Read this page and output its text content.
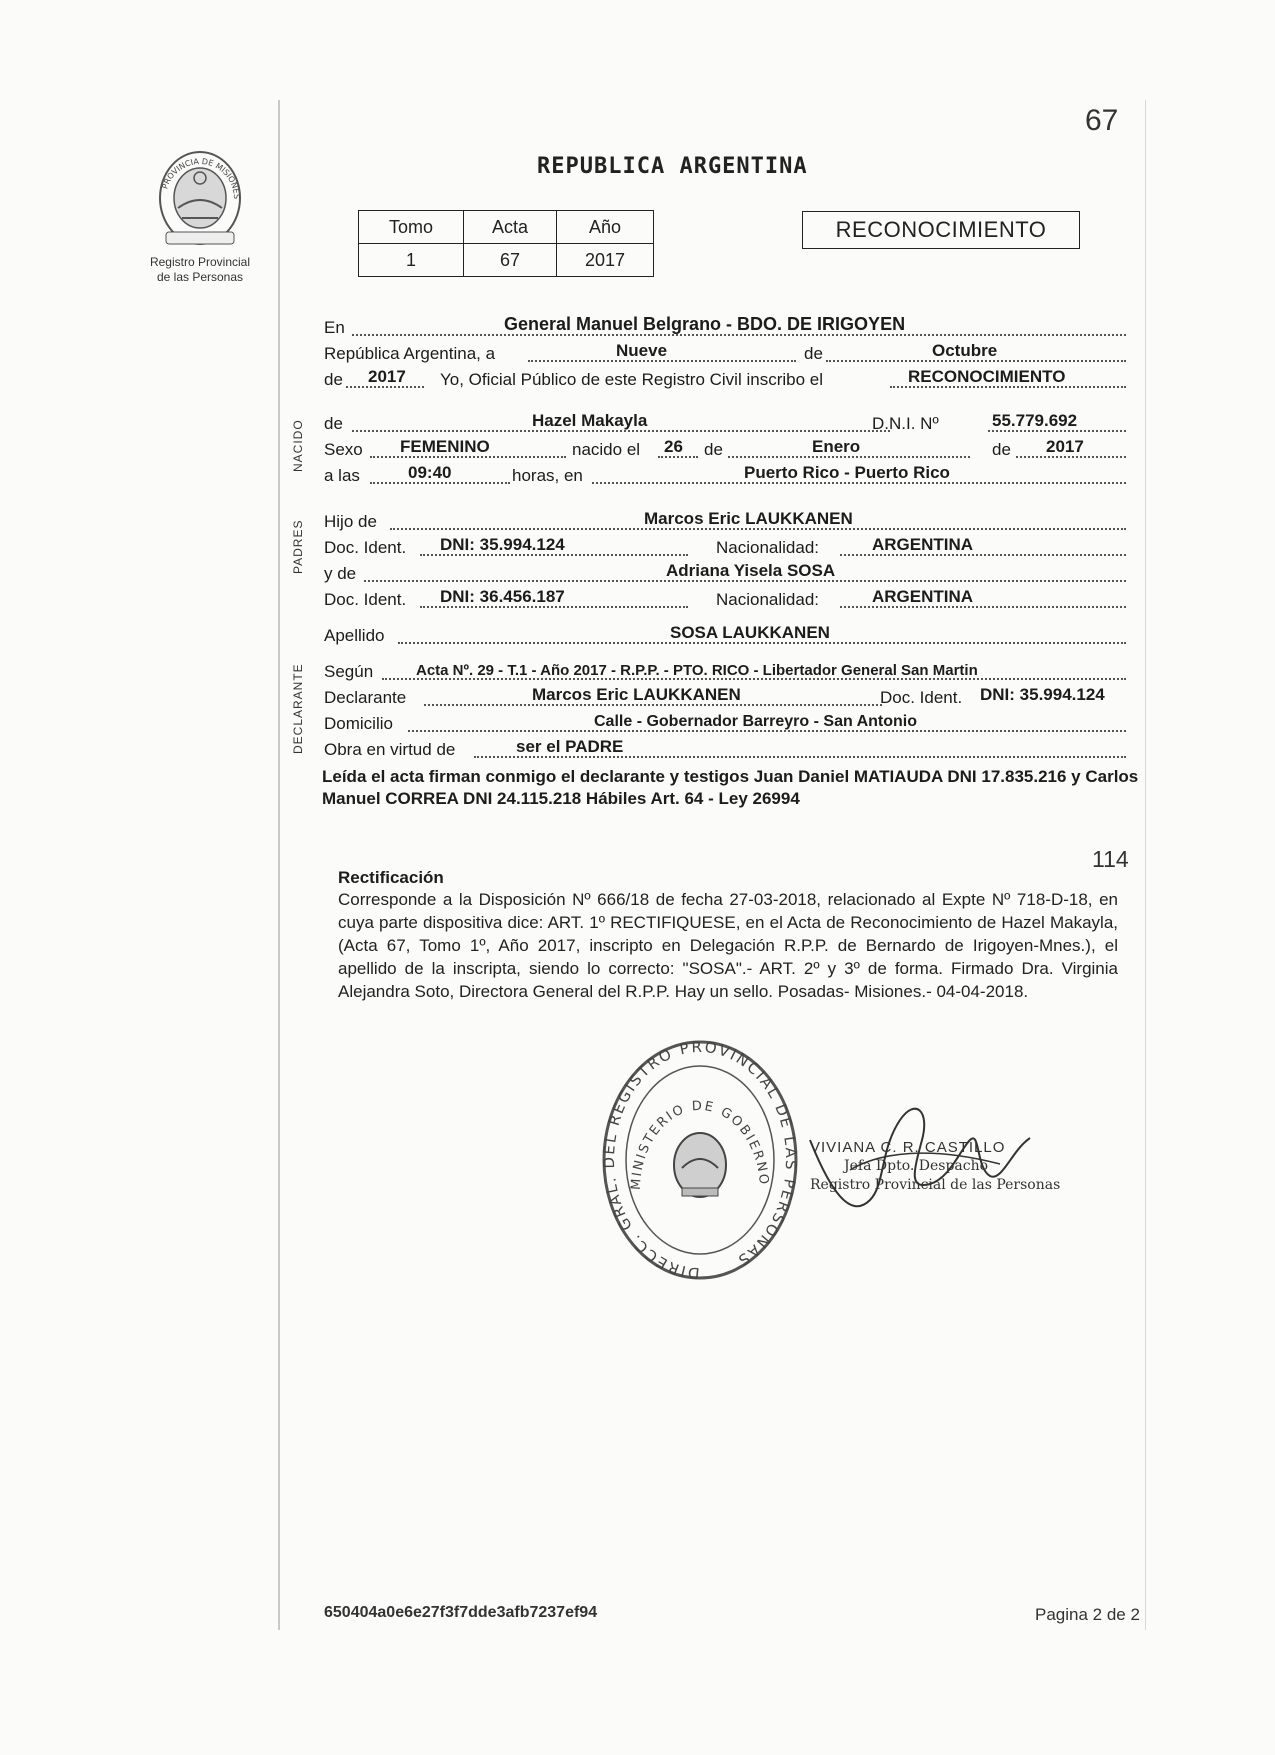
PROVINCIA DE MISIONES
Registro Provincial
de las Personas
67
REPUBLICA ARGENTINA
Tomo	Acta	Año
1	67	2017
RECONOCIMIENTO
NACIDO
PADRES
DECLARANTE
En	General Manuel Belgrano - BDO. DE IRIGOYEN
República Argentina, a	Nueve	de	Octubre
de 2017 Yo, Oficial Público de este Registro Civil inscribo el	RECONOCIMIENTO
de	Hazel Makayla	D.N.I. Nº	55.779.692
Sexo FEMENINO	nacido el 26 de	Enero	de 2017
a las	09:40	horas, en	Puerto Rico - Puerto Rico
Hijo de	Marcos Eric LAUKKANEN
Doc. Ident. DNI: 35.994.124	Nacionalidad:	ARGENTINA
y de	Adriana Yisela SOSA
Doc. Ident. DNI: 36.456.187	Nacionalidad:	ARGENTINA
Apellido	SOSA LAUKKANEN
Según	Acta Nº. 29 - T.1 - Año 2017 - R.P.P. - PTO. RICO - Libertador General San Martin
Declarante	Marcos Eric LAUKKANEN	Doc. Ident. DNI: 35.994.124
Domicilio	Calle - Gobernador Barreyro - San Antonio
Obra en virtud de	ser el PADRE
Leída el acta firman conmigo el declarante y testigos Juan Daniel MATIAUDA DNI 17.835.216 y Carlos Manuel CORREA DNI 24.115.218 Hábiles Art. 64 - Ley 26994
114
Rectificación
Corresponde a la Disposición Nº 666/18 de fecha 27-03-2018, relacionado al Expte Nº 718-D-18, en cuya parte dispositiva dice: ART. 1º RECTIFIQUESE, en el Acta de Reconocimiento de Hazel Makayla, (Acta 67, Tomo 1º, Año 2017, inscripto en Delegación R.P.P. de Bernardo de Irigoyen-Mnes.), el apellido de la inscripta, siendo lo correcto: "SOSA".- ART. 2º y 3º de forma. Firmado Dra. Virginia Alejandra Soto, Directora General del R.P.P. Hay un sello. Posadas- Misiones.- 04-04-2018.
DIRECC. GRAL. DEL REGISTRO PROVINCIAL DE LAS PERSONAS
MINISTERIO DE GOBIERNO
VIVIANA C. R. CASTILLO
Jefa Dpto. Despacho
Registro Provincial de las Personas
650404a0e6e27f3f7dde3afb7237ef94	Pagina 2 de 2
